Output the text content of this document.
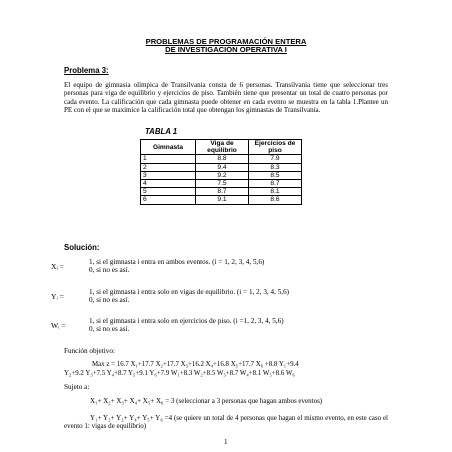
PROBLEMAS DE PROGRAMACIÓN ENTERA
DE INVESTIGACIÓN OPERATIVA I
Problema 3:
El equipo de gimnasia olímpica de Transilvania consta de 6 personas. Transilvania tiene que seleccionar tres personas para viga de equilibrio y ejercicios de piso. También tiene que presentar un total de cuatro personas por cada evento. La calificación que cada gimnasta puede obtener en cada evento se muestra en la tabla 1.Plantee un PE con el que se maximice la calificación total que obtengan los gimnastas de Transilvania.
TABLA 1
Gimnasta	Viga de equilibrio	Ejercicios de piso
1	8.8	7.9
2	9.4	8.3
3	9.2	8.5
4	7.5	8.7
5	8.7	8.1
6	9.1	8.6
Solución:
Xᵢ =	1, si el gimnasta i entra en ambos eventos. (i = 1, 2, 3, 4, 5,6)
0, si no es así.
Yᵢ =	1, si el gimnasta i entra solo en vigas de equilibrio. (i = 1, 2, 3, 4, 5,6)
0, si no es así.
Wᵢ =	1, si el gimnasta i entra solo en ejercicios de piso. (i =1, 2, 3, 4, 5,6)
0, si no es así.
Función objetivo:
Max z = 16.7 X₁+17.7 X₂+17.7 X₃+16.2 X₄+16.8 X₅+17.7 X₆ +8.8 Y₁+9.4
Y₂+9.2 Y₃+7.5 Y₄+8.7 Y₅+9.1 Y₆+7.9 W₁+8.3 W₂+8.5 W₃+8.7 W₄+8.1 W₅+8.6 W₆
Sujeto a:
X₁+ X₂+ X₃+ X₄+ X₅+ X₆ = 3 (seleccionar a 3 personas que hagan ambos eventos)
Y₁+ Y₂+ Y₃+ Y₄+ Y₅+ Y₆ =4 (se quiere un total de 4 personas que hagan el mismo evento, en este caso el evento 1: vigas de equilibrio)
1
